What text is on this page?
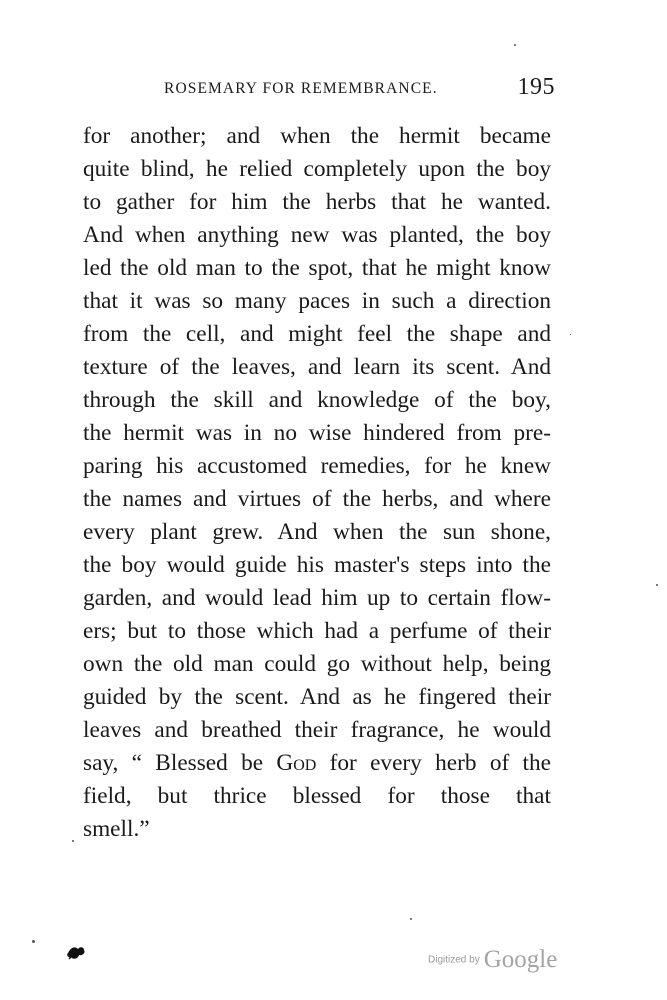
ROSEMARY FOR REMEMBRANCE.	195
for another; and when the hermit became
quite blind, he relied completely upon the boy
to gather for him the herbs that he wanted.
And when anything new was planted, the boy
led the old man to the spot, that he might know
that it was so many paces in such a direction
from the cell, and might feel the shape and
texture of the leaves, and learn its scent. And
through the skill and knowledge of the boy,
the hermit was in no wise hindered from pre-
paring his accustomed remedies, for he knew
the names and virtues of the herbs, and where
every plant grew. And when the sun shone,
the boy would guide his master's steps into the
garden, and would lead him up to certain flow-
ers; but to those which had a perfume of their
own the old man could go without help, being
guided by the scent. And as he fingered their
leaves and breathed their fragrance, he would
say, “ Blessed be God for every herb of the
field, but thrice blessed for those that
smell.”
Digitized by Google
